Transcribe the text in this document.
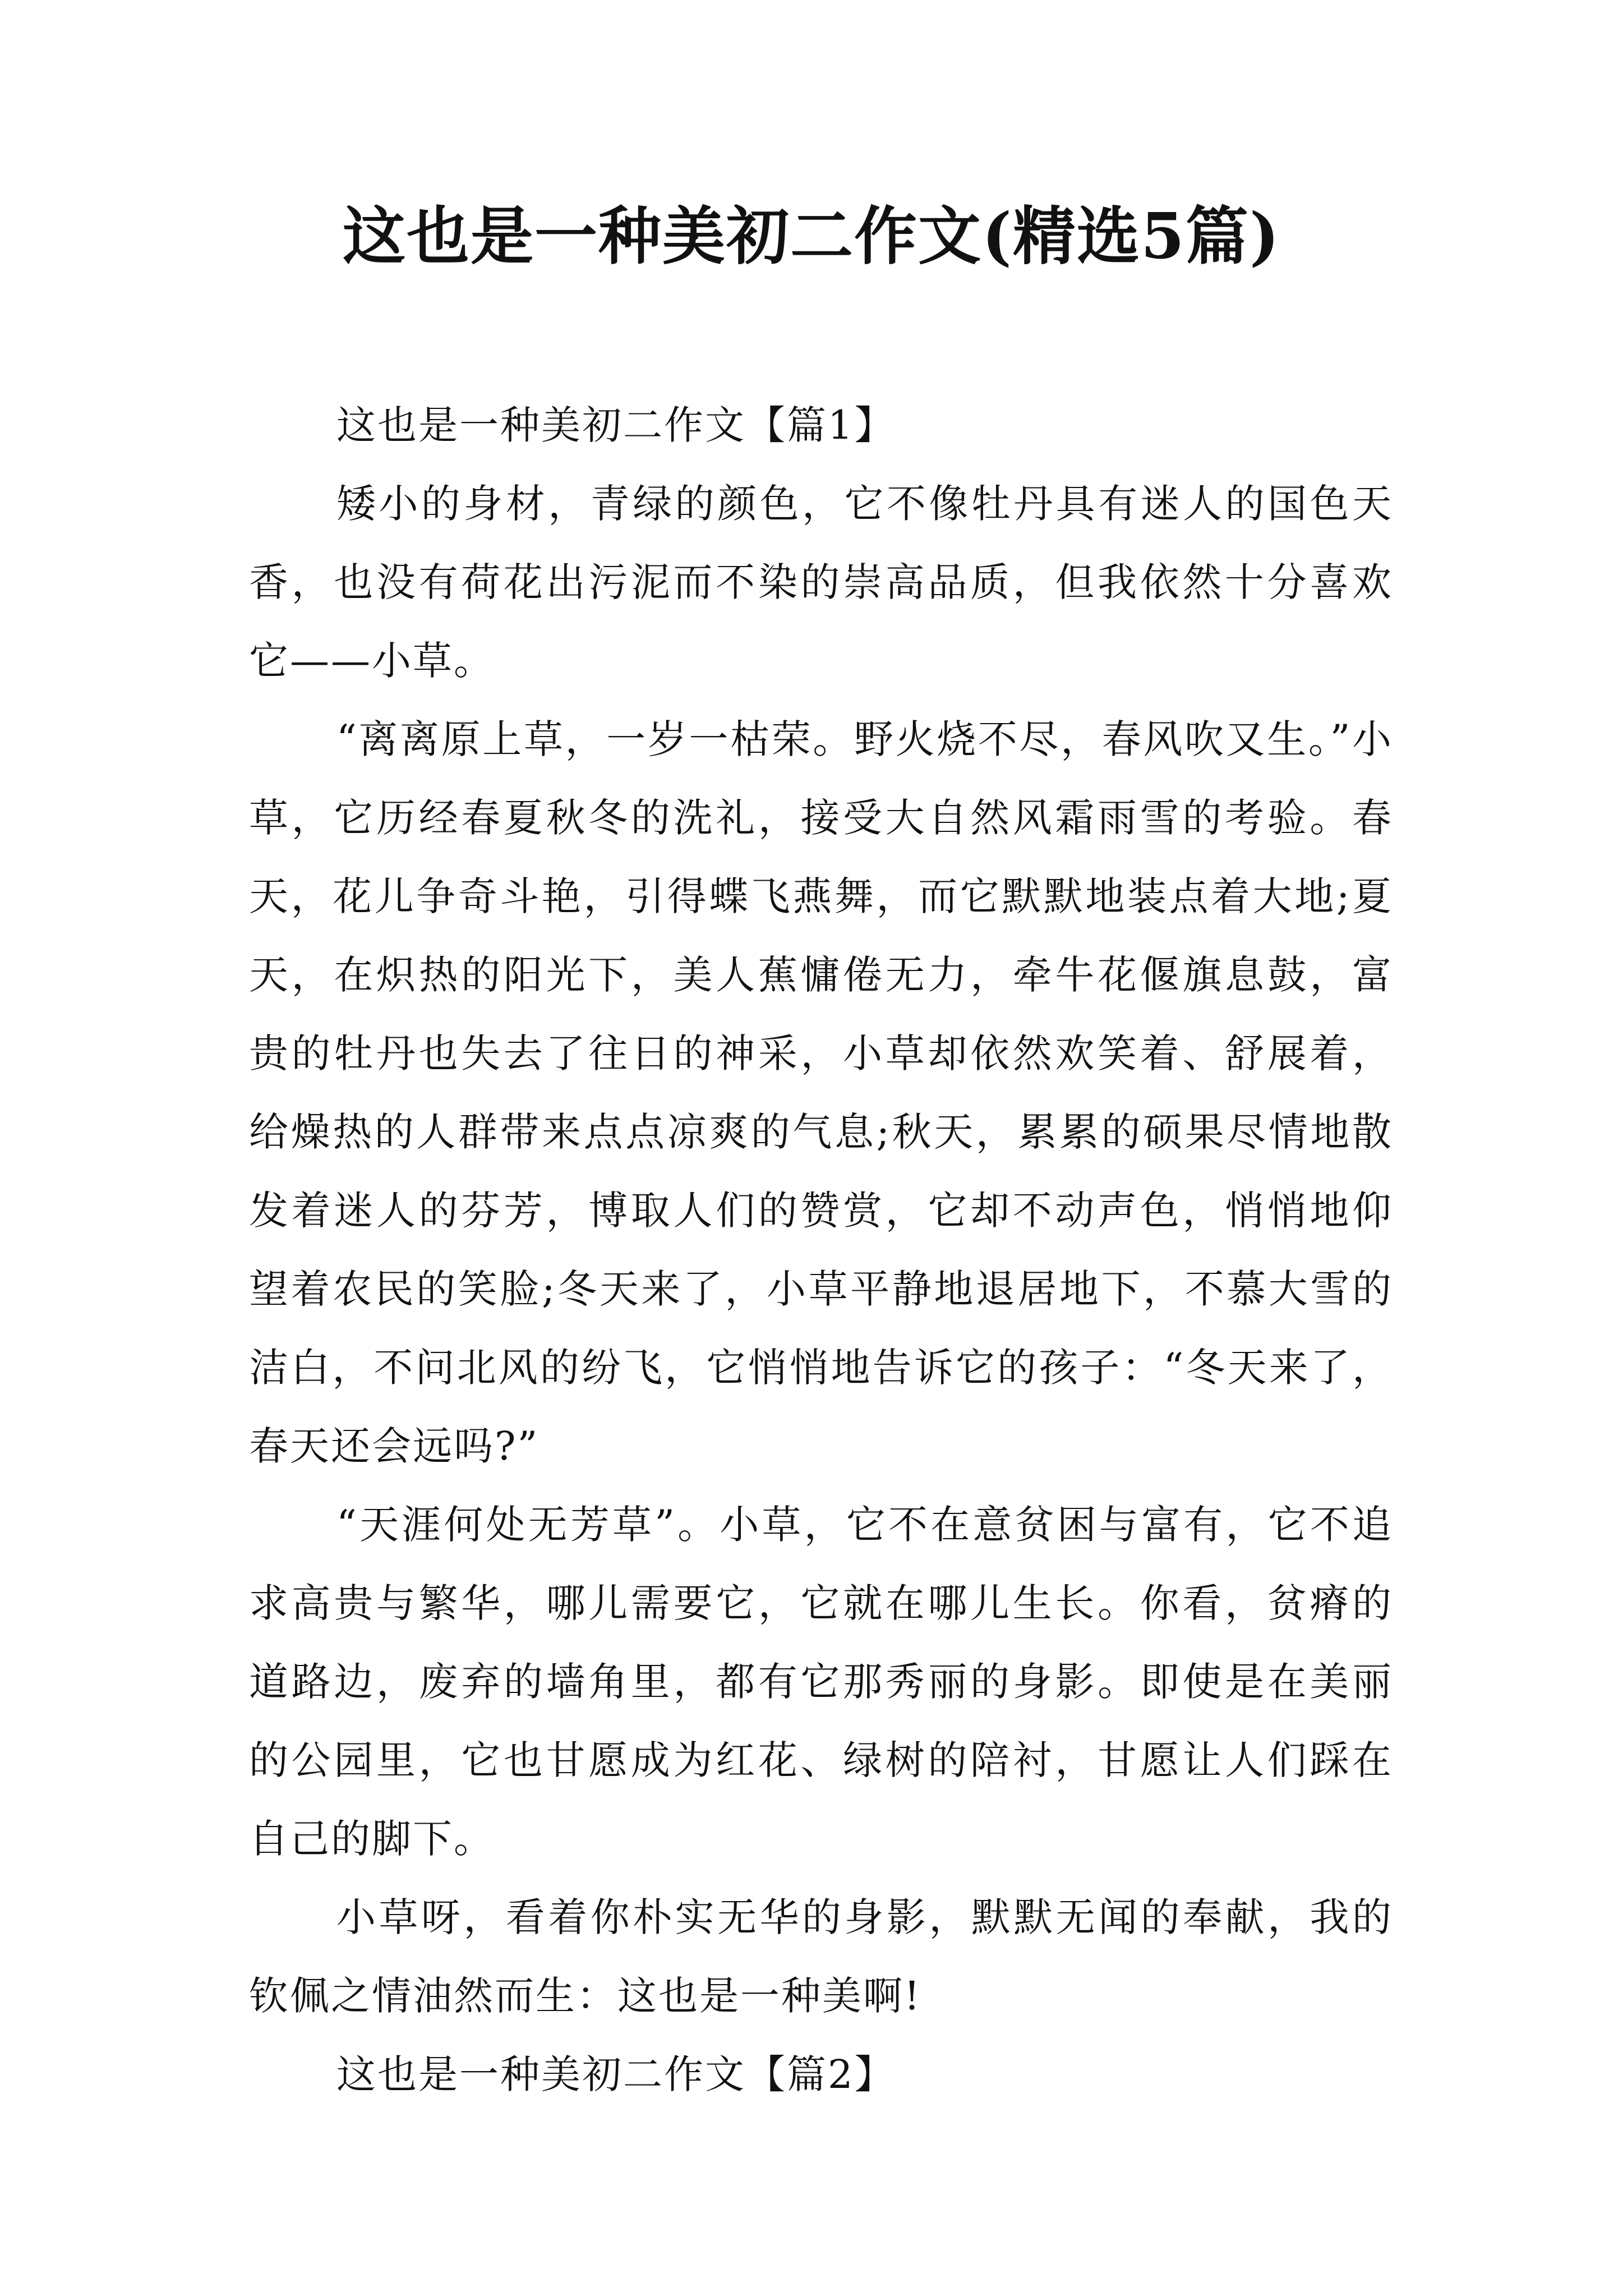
这也是一种美初二作文(精选5篇)

这也是一种美初二作文【篇1】

矮小的身材，青绿的颜色，它不像牡丹具有迷人的国色天香，也没有荷花出污泥而不染的崇高品质，但我依然十分喜欢它——小草。

“离离原上草，一岁一枯荣。野火烧不尽，春风吹又生。”小草，它历经春夏秋冬的洗礼，接受大自然风霜雨雪的考验。春天，花儿争奇斗艳，引得蝶飞燕舞，而它默默地装点着大地;夏天，在炽热的阳光下，美人蕉慵倦无力，牵牛花偃旗息鼓，富贵的牡丹也失去了往日的神采，小草却依然欢笑着、舒展着，给燥热的人群带来点点凉爽的气息;秋天，累累的硕果尽情地散发着迷人的芬芳，博取人们的赞赏，它却不动声色，悄悄地仰望着农民的笑脸;冬天来了，小草平静地退居地下，不慕大雪的洁白，不问北风的纷飞，它悄悄地告诉它的孩子：“冬天来了，春天还会远吗?”

“天涯何处无芳草”。小草，它不在意贫困与富有，它不追求高贵与繁华，哪儿需要它，它就在哪儿生长。你看，贫瘠的道路边，废弃的墙角里，都有它那秀丽的身影。即使是在美丽的公园里，它也甘愿成为红花、绿树的陪衬，甘愿让人们踩在自己的脚下。

小草呀，看着你朴实无华的身影，默默无闻的奉献，我的钦佩之情油然而生：这也是一种美啊!

这也是一种美初二作文【篇2】
